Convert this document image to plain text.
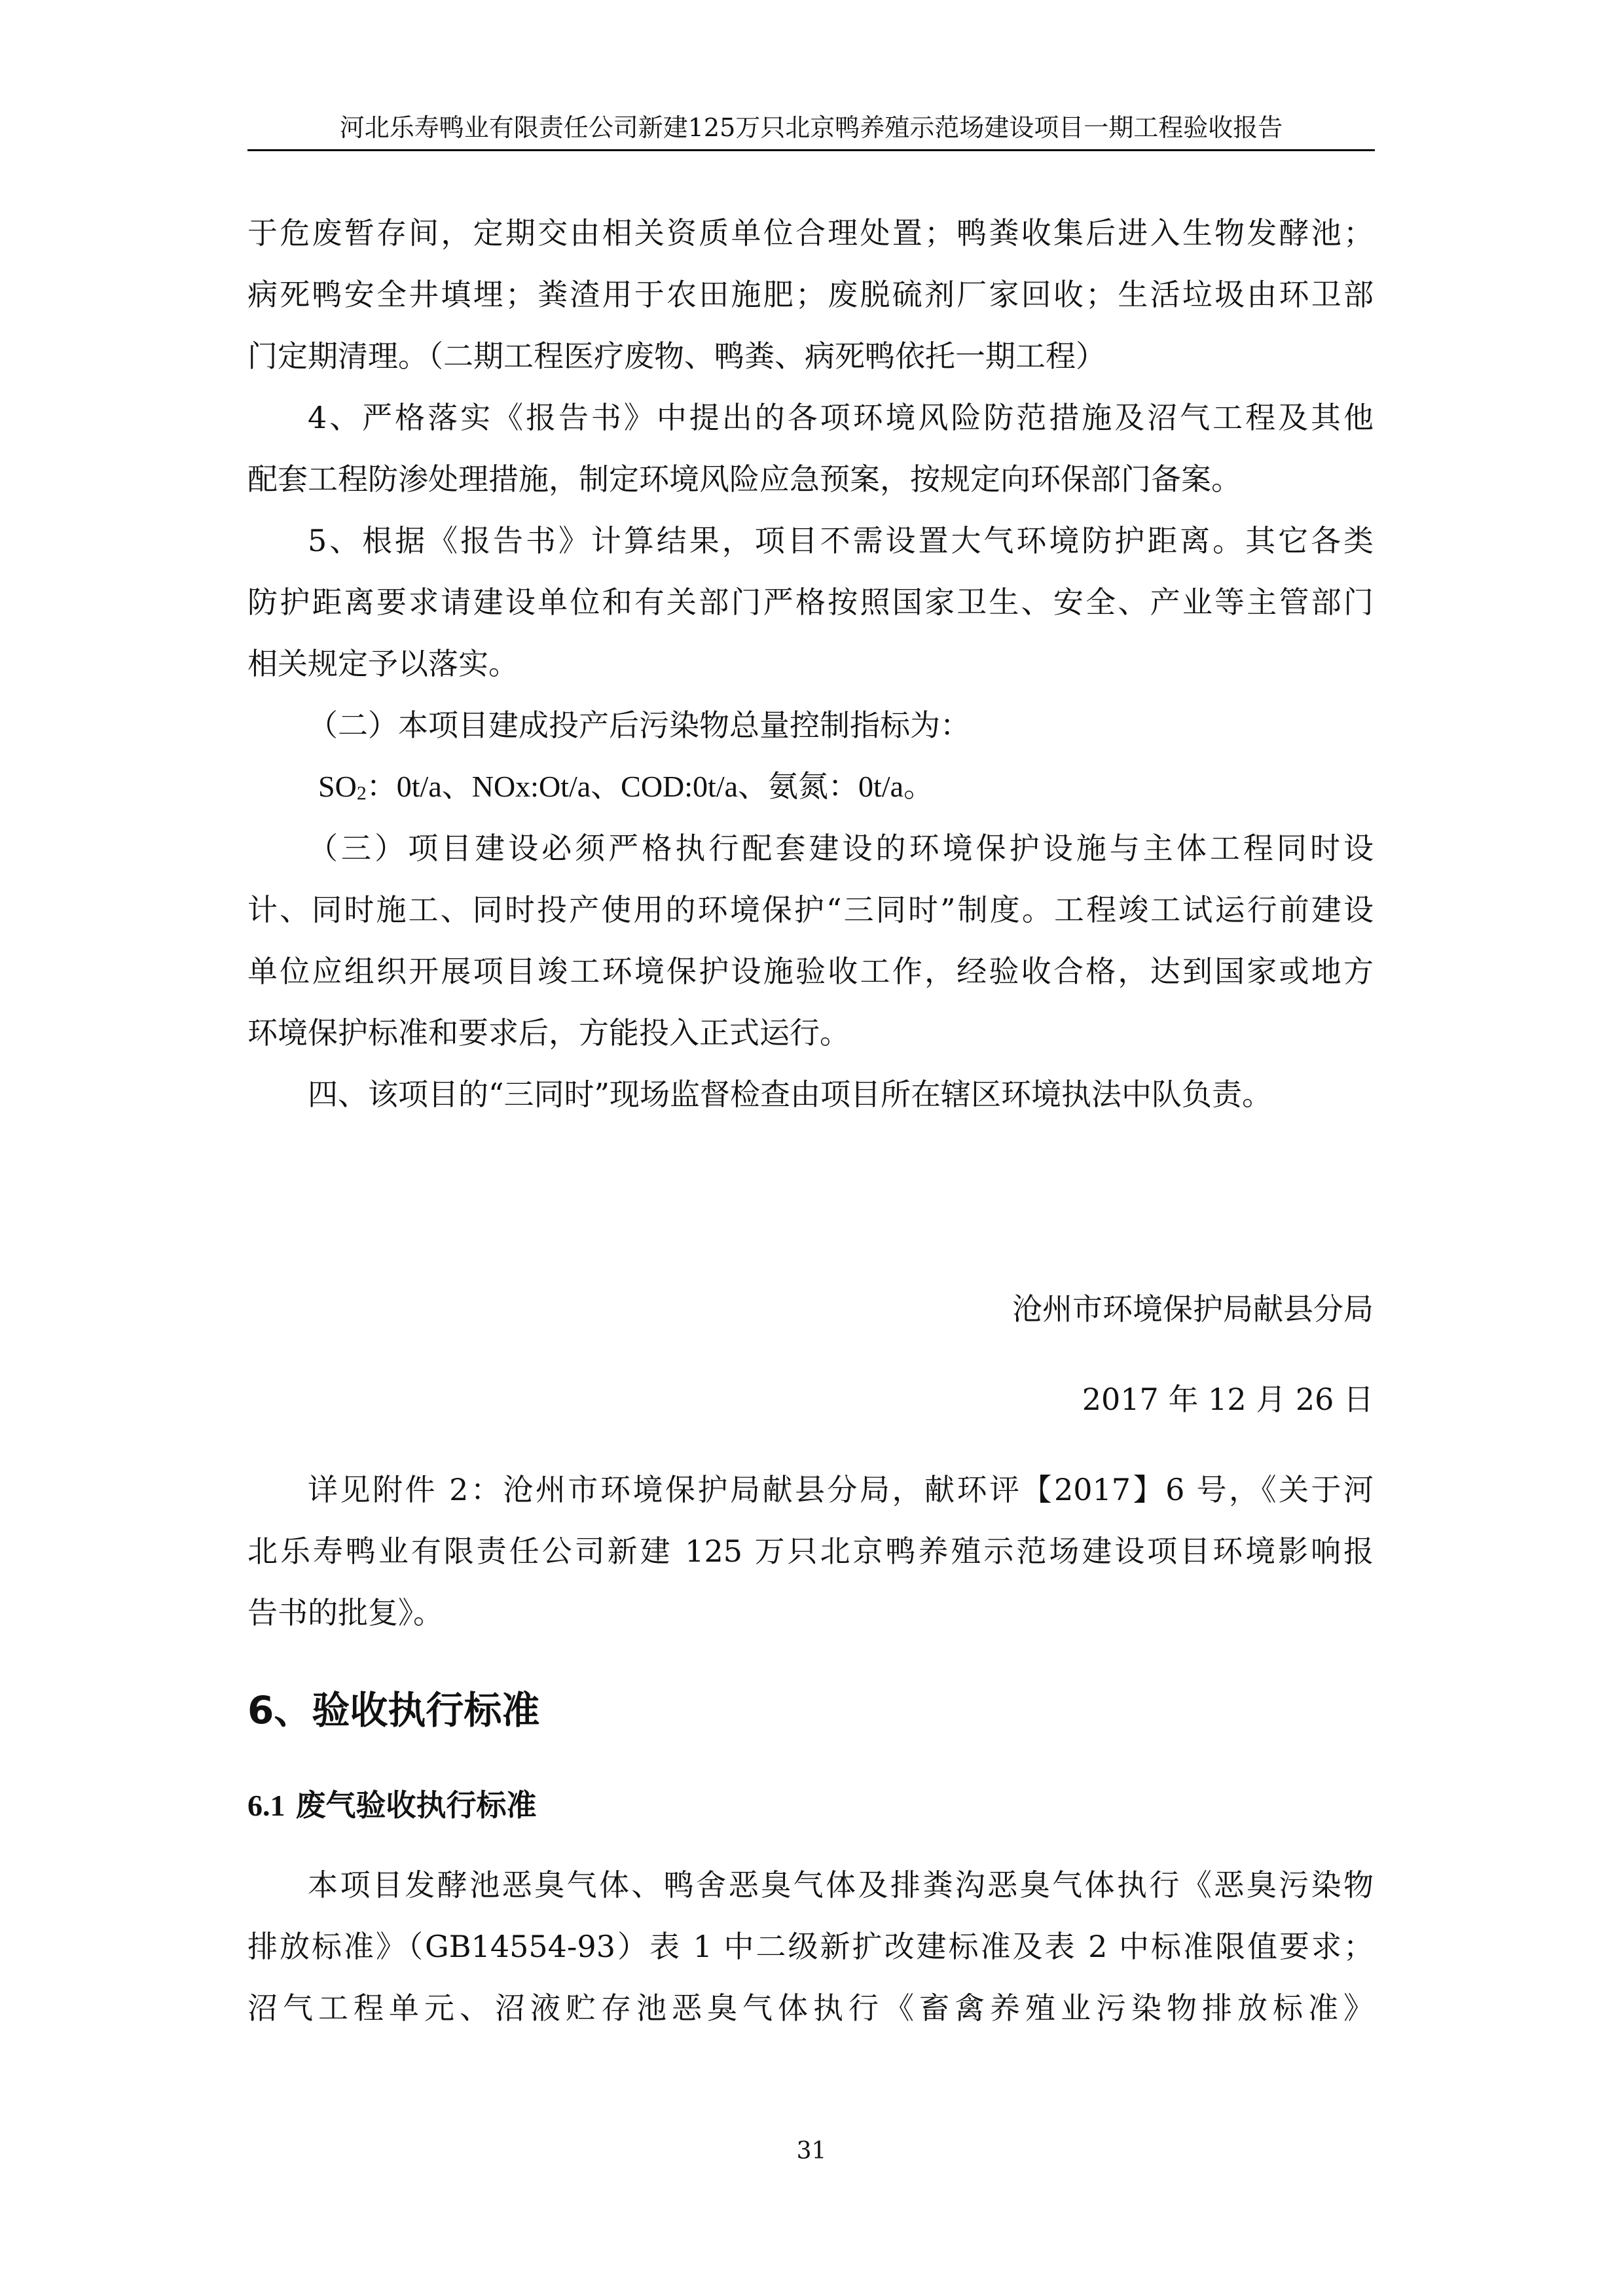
河北乐寿鸭业有限责任公司新建125万只北京鸭养殖示范场建设项目一期工程验收报告
于危废暂存间，定期交由相关资质单位合理处置；鸭粪收集后进入生物发酵池；
病死鸭安全井填埋；粪渣用于农田施肥；废脱硫剂厂家回收；生活垃圾由环卫部
门定期清理。（二期工程医疗废物、鸭粪、病死鸭依托一期工程）
4、严格落实《报告书》中提出的各项环境风险防范措施及沼气工程及其他
配套工程防渗处理措施，制定环境风险应急预案，按规定向环保部门备案。
5、根据《报告书》计算结果，项目不需设置大气环境防护距离。其它各类
防护距离要求请建设单位和有关部门严格按照国家卫生、安全、产业等主管部门
相关规定予以落实。
（二）本项目建成投产后污染物总量控制指标为：
$SO_2$：0t/a、NOx:Ot/a、COD:0t/a、氨氮：0t/a。
（三）项目建设必须严格执行配套建设的环境保护设施与主体工程同时设
计、同时施工、同时投产使用的环境保护“三同时”制度。工程竣工试运行前建设
单位应组织开展项目竣工环境保护设施验收工作，经验收合格，达到国家或地方
环境保护标准和要求后，方能投入正式运行。
四、该项目的“三同时”现场监督检查由项目所在辖区环境执法中队负责。
沧州市环境保护局献县分局
2017 年 12 月 26 日
详见附件 2：沧州市环境保护局献县分局，献环评【2017】6 号，《关于河
北乐寿鸭业有限责任公司新建 125 万只北京鸭养殖示范场建设项目环境影响报
告书的批复》。
6、验收执行标准
6.1 废气验收执行标准
本项目发酵池恶臭气体、鸭舍恶臭气体及排粪沟恶臭气体执行《恶臭污染物
排放标准》（GB14554-93）表 1 中二级新扩改建标准及表 2 中标准限值要求；
沼气工程单元、沼液贮存池恶臭气体执行《畜禽养殖业污染物排放标准》
31
